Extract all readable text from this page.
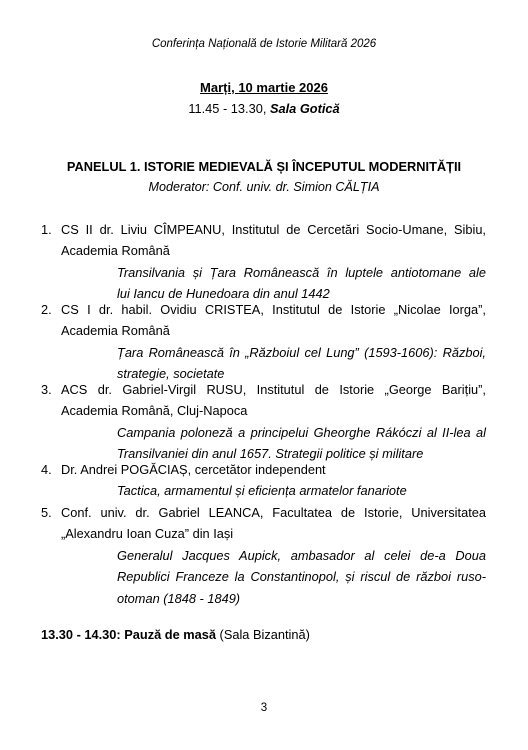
Conferința Națională de Istorie Militară 2026
Marți, 10 martie 2026
11.45 - 13.30, Sala Gotică
PANELUL 1. ISTORIE MEDIEVALĂ ȘI ÎNCEPUTUL MODERNITĂȚII
Moderator: Conf. univ. dr. Simion CĂLȚIA
1. CS II dr. Liviu CÎMPEANU, Institutul de Cercetări Socio-Umane, Sibiu,
Academia Română
Transilvania și Țara Românească în luptele antiotomane ale
lui Iancu de Hunedoara din anul 1442
2. CS I dr. habil. Ovidiu CRISTEA, Institutul de Istorie „Nicolae Iorga”,
Academia Română
Țara Românească în „Războiul cel Lung” (1593-1606): Război,
strategie, societate
3. ACS dr. Gabriel-Virgil RUSU, Institutul de Istorie „George Barițiu”,
Academia Română, Cluj-Napoca
Campania poloneză a principelui Gheorghe Rákóczi al II-lea al
Transilvaniei din anul 1657. Strategii politice și militare
4. Dr. Andrei POGĂCIAȘ, cercetător independent
Tactica, armamentul și eficiența armatelor fanariote
5. Conf. univ. dr. Gabriel LEANCA, Facultatea de Istorie, Universitatea
„Alexandru Ioan Cuza” din Iași
Generalul Jacques Aupick, ambasador al celei de-a Doua
Republici Franceze la Constantinopol, și riscul de război ruso-
otoman (1848 - 1849)
13.30 - 14.30: Pauză de masă (Sala Bizantină)
3
